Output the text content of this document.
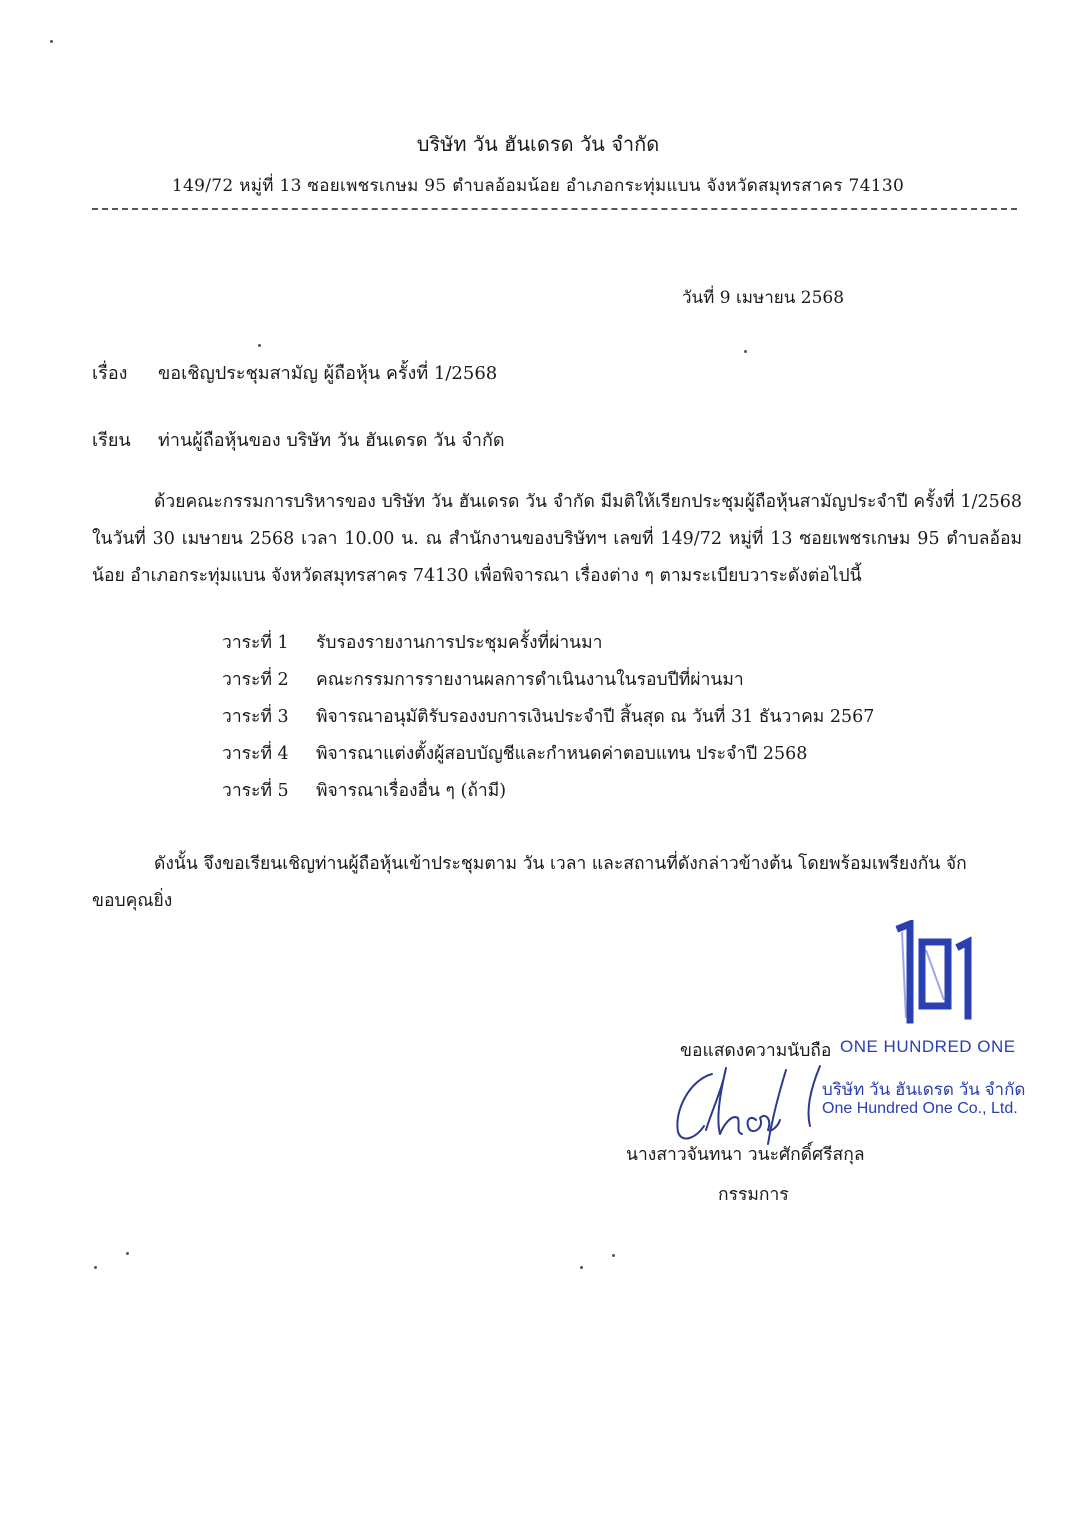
บริษัท วัน ฮันเดรด วัน จำกัด
149/72 หมู่ที่ 13 ซอยเพชรเกษม 95 ตำบลอ้อมน้อย อำเภอกระทุ่มแบน จังหวัดสมุทรสาคร 74130
วันที่ 9 เมษายน 2568
เรื่อง ขอเชิญประชุมสามัญ ผู้ถือหุ้น ครั้งที่ 1/2568
เรียน ท่านผู้ถือหุ้นของ บริษัท วัน ฮันเดรด วัน จำกัด
ด้วยคณะกรรมการบริหารของ บริษัท วัน ฮันเดรด วัน จำกัด มีมติให้เรียกประชุมผู้ถือหุ้นสามัญประจำปี ครั้งที่ 1/2568 ในวันที่ 30 เมษายน 2568 เวลา 10.00 น. ณ สำนักงานของบริษัทฯ เลขที่ 149/72 หมู่ที่ 13 ซอยเพชรเกษม 95 ตำบลอ้อมน้อย อำเภอกระทุ่มแบน จังหวัดสมุทรสาคร 74130 เพื่อพิจารณา เรื่องต่าง ๆ ตามระเบียบวาระดังต่อไปนี้
วาระที่ 1	รับรองรายงานการประชุมครั้งที่ผ่านมา
วาระที่ 2	คณะกรรมการรายงานผลการดำเนินงานในรอบปีที่ผ่านมา
วาระที่ 3	พิจารณาอนุมัติรับรองงบการเงินประจำปี สิ้นสุด ณ วันที่ 31 ธันวาคม 2567
วาระที่ 4	พิจารณาแต่งตั้งผู้สอบบัญชีและกำหนดค่าตอบแทน ประจำปี 2568
วาระที่ 5	พิจารณาเรื่องอื่น ๆ (ถ้ามี)
ดังนั้น จึงขอเรียนเชิญท่านผู้ถือหุ้นเข้าประชุมตาม วัน เวลา และสถานที่ดังกล่าวข้างต้น โดยพร้อมเพรียงกัน จักขอบคุณยิ่ง
ขอแสดงความนับถือ ONE HUNDRED ONE
บริษัท วัน ฮันเดรด วัน จำกัด
One Hundred One Co., Ltd.
นางสาวจันทนา วนะศักดิ์ศรีสกุล
กรรมการ
